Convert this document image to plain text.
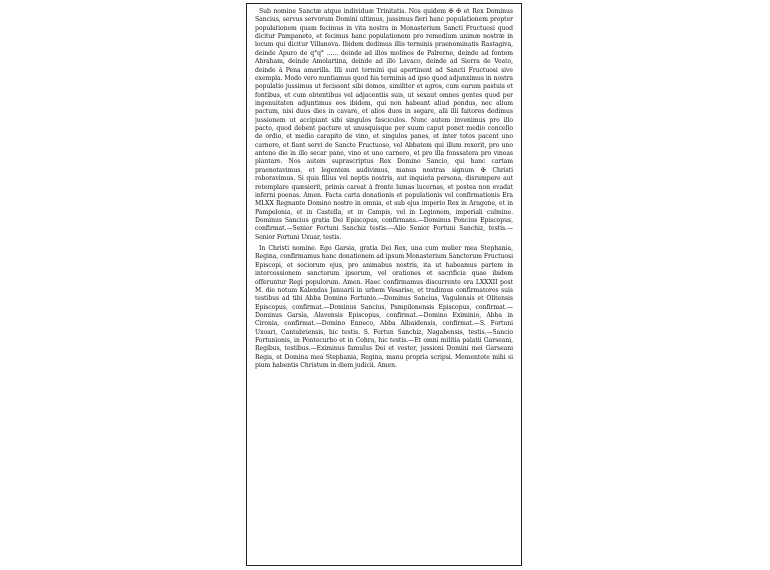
Sub nomine Sanctæ atque individuæ Trinitatis. Nos quidem ✠ ✠ et Rex Dominus Sancius, servus servorum Domini ultimus, jussimus fieri hanc populationem propter populationem quam fecimus in vita nostra in Monasterium Sancti Fructuosi quod dicitur Pampaneto, et fecimus hanc populationem pro remedium animæ nostræ in locum qui dicitur Villanova. Ibidem dedimus illis terminis praenominatis Rastagiva, deinde Apuro de q°q° ...... deinde ad illos molinos de Palrerne, deinde ad fontem Abraham, deinde Amolartina, deinde ad illo Lavaco, deinde ad Sierra de Veato, deinde à Pena amarilla. Illi sunt termini qui apertinent ad Sancti Fructuosi sive exempla. Modo vero nuntiamus quod his terminis ad ipso quod adjunximus in nostra populatio jussimus ut fecissent sibi domos, similiter et agros, cum earum pastuis et fontibus, et cum obtentibus vel adjacentiis suis, ut sexaut omnes gentes quod per ingenuitaten adjuntimus eos ibidem, qui non habeant aliud pondus, nec alium pactum, nisi duos dies in cavare, et alios duos in segare, alii illi faitores dedimus jussionem ut accipiant sibi singulos fasciculos. Nunc autem invenimus pro illo pacto, quod debent pacture ut unusquisque per suum caput ponet medio concello de ordio, et medio carapito de vino, et singulos panes, et inter totos pacent uno carnero, et fiant servi de Sancto Fructuoso, vel Abbatem qui illum rexerit, pro uno anteno die in illo secar pane, vino et uno carnero, et pro illa fonssatera pro vineas plantare. Nos autem suprascriptus Rex Domino Sancio, qui hanc cartam praenotavimus, et legentem audivimus, manus nostras signum ✠ Christi roboravimus. Si quis filius vel neptis nostris, aut inquieta persona, disrumpere aut retemplare quæsierit, primis careat à fronte lumas lucernas, et postea non evadat inferni poenas. Amen. Facta carta donationis et populationis vel confirmationis Era MLXX Regnante Domino nostro in omnia, et sub ejus imperio Rex in Aragone, et in Pampelonia, et in Castella, et in Campis, vel in Legionem, imperiali culmine. Dominus Sancius gratia Dei Episcopus, confirmans.—Dominus Poncius Episcopus, confirmat.—Senior Fortuni Sanchiz testis.—Alio Senior Fortuni Sanchiz, testis.—Senior Fortuni Uxuar, testis.

In Christi nomine. Ego Garsia, gratia Dei Rex, una cum mulier mea Stephania, Regina, confirmamus hanc donationem ad ipsum Monasterium Sanctorum Fructuosi Episcopi, et sociorum ejus, pro animabus nostris, ita ut habeamus partem in intercessionem sanctorum ipsorum, vel orationes et sacrificia quae ibidem offeruntur Regi populorum. Amen. Haec confirmamus discurrente era LXXXII post M. die notum Kalendas Januarii in urbem Vesarise, et tradimus confirmatores suis testibus ad tibi Abba Domino Fortunio.—Dominus Sancius, Vagulensis et Olitensis Episcopus, confirmat.—Dominus Sancius, Pampilonensis Episcopus, confirmat.—Dominus Garsia, Alavensis Episcopus, confirmat.—Domino Eximinio, Abba in Cironia, confirmat.—Domino Enneco, Abba Albaidensis, confirmat.—S. Fortuni Uxoari, Cantabriensis, hic testis. S. Fortun Sanchiz, Nagabensis, testis.—Sancio Fortunionis, in Pontecurbo et in Cohra, hic testis.—Et omni militia palatii Garseani, Regibus, testibus.—Eximinus famulus Dei et vester, jussioni Domini mei Garseani Regis, et Domina mea Stephania, Regina, manu propria scripsi. Mementote mihi si pium habentis Christum in diem judicii. Amen.
